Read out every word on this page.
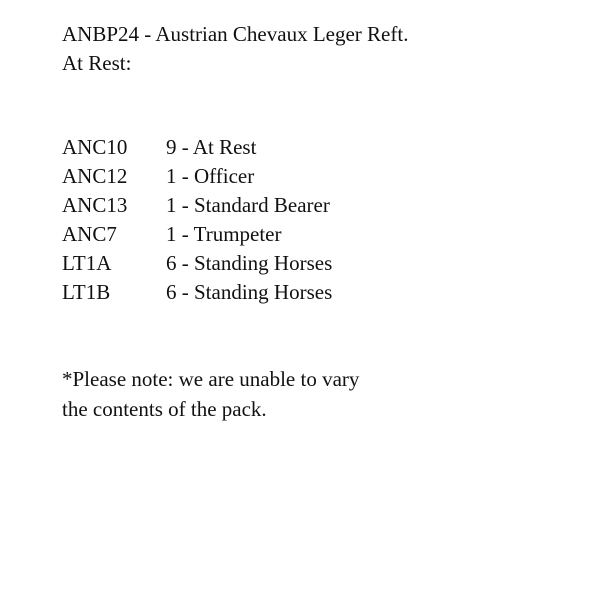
ANBP24 - Austrian Chevaux Leger Reft.
At Rest:
ANC10	9 - At Rest
ANC12	1 - Officer
ANC13	1 - Standard Bearer
ANC7	1 - Trumpeter
LT1A	6 - Standing Horses
LT1B	6 - Standing Horses
*Please note: we are unable to vary
the contents of the pack.
